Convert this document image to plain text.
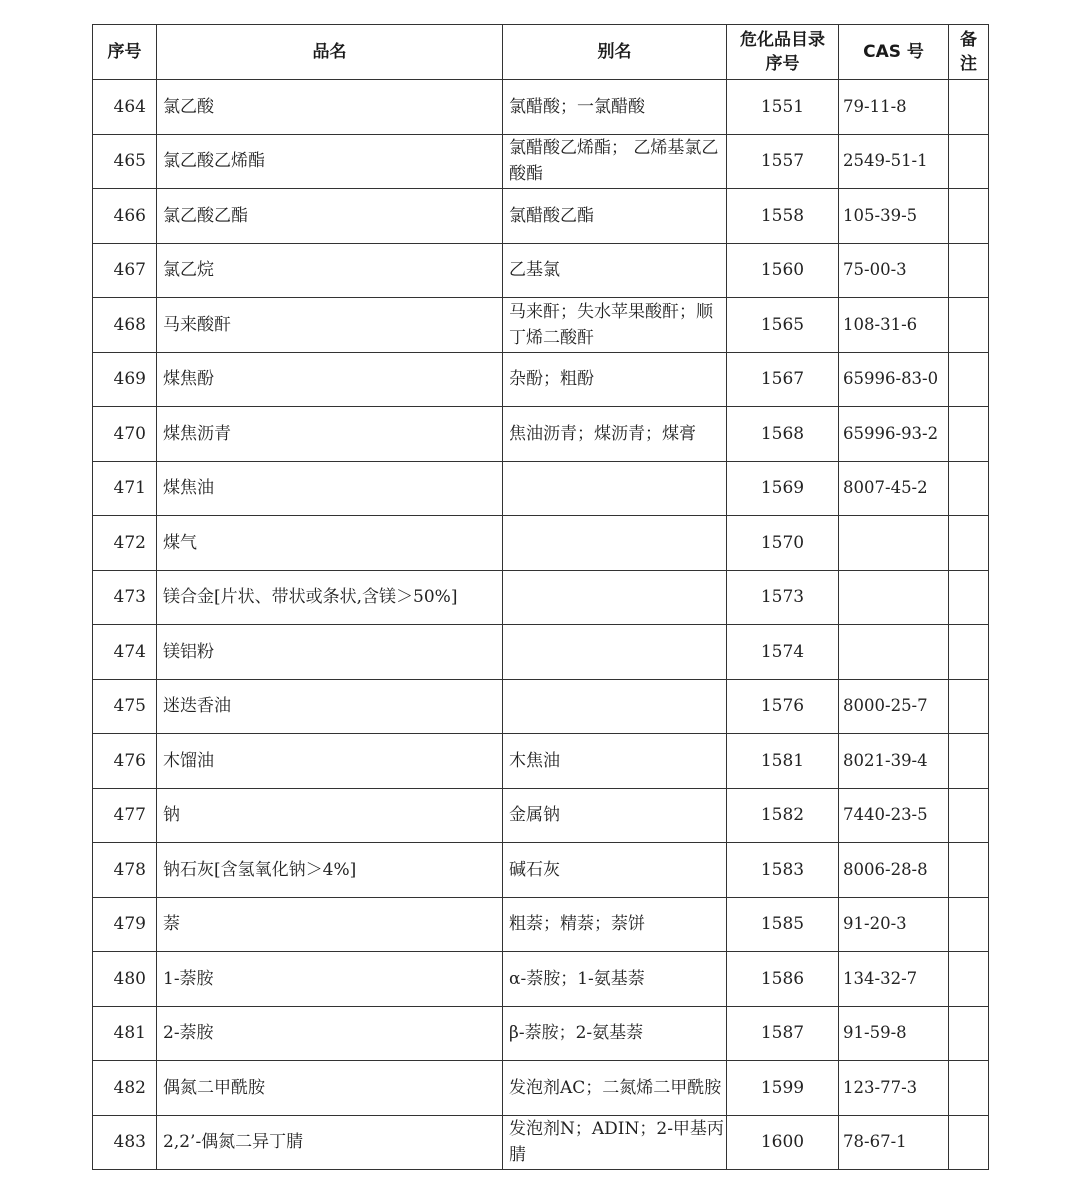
序号	品名	别名	危化品目录序号	CAS 号	备注
464	氯乙酸	氯醋酸；一氯醋酸	1551	79-11-8	
465	氯乙酸乙烯酯	氯醋酸乙烯酯； 乙烯基氯乙酸酯	1557	2549-51-1	
466	氯乙酸乙酯	氯醋酸乙酯	1558	105-39-5	
467	氯乙烷	乙基氯	1560	75-00-3	
468	马来酸酐	马来酐；失水苹果酸酐；顺丁烯二酸酐	1565	108-31-6	
469	煤焦酚	杂酚；粗酚	1567	65996-83-0	
470	煤焦沥青	焦油沥青；煤沥青；煤膏	1568	65996-93-2	
471	煤焦油		1569	8007-45-2	
472	煤气		1570		
473	镁合金[片状、带状或条状,含镁＞50%]		1573		
474	镁铝粉		1574		
475	迷迭香油		1576	8000-25-7	
476	木馏油	木焦油	1581	8021-39-4	
477	钠	金属钠	1582	7440-23-5	
478	钠石灰[含氢氧化钠＞4%]	碱石灰	1583	8006-28-8	
479	萘	粗萘；精萘；萘饼	1585	91-20-3	
480	1-萘胺	α-萘胺；1-氨基萘	1586	134-32-7	
481	2-萘胺	β-萘胺；2-氨基萘	1587	91-59-8	
482	偶氮二甲酰胺	发泡剂AC；二氮烯二甲酰胺	1599	123-77-3	
483	2,2’-偶氮二异丁腈	发泡剂N；ADIN；2-甲基丙腈	1600	78-67-1	
